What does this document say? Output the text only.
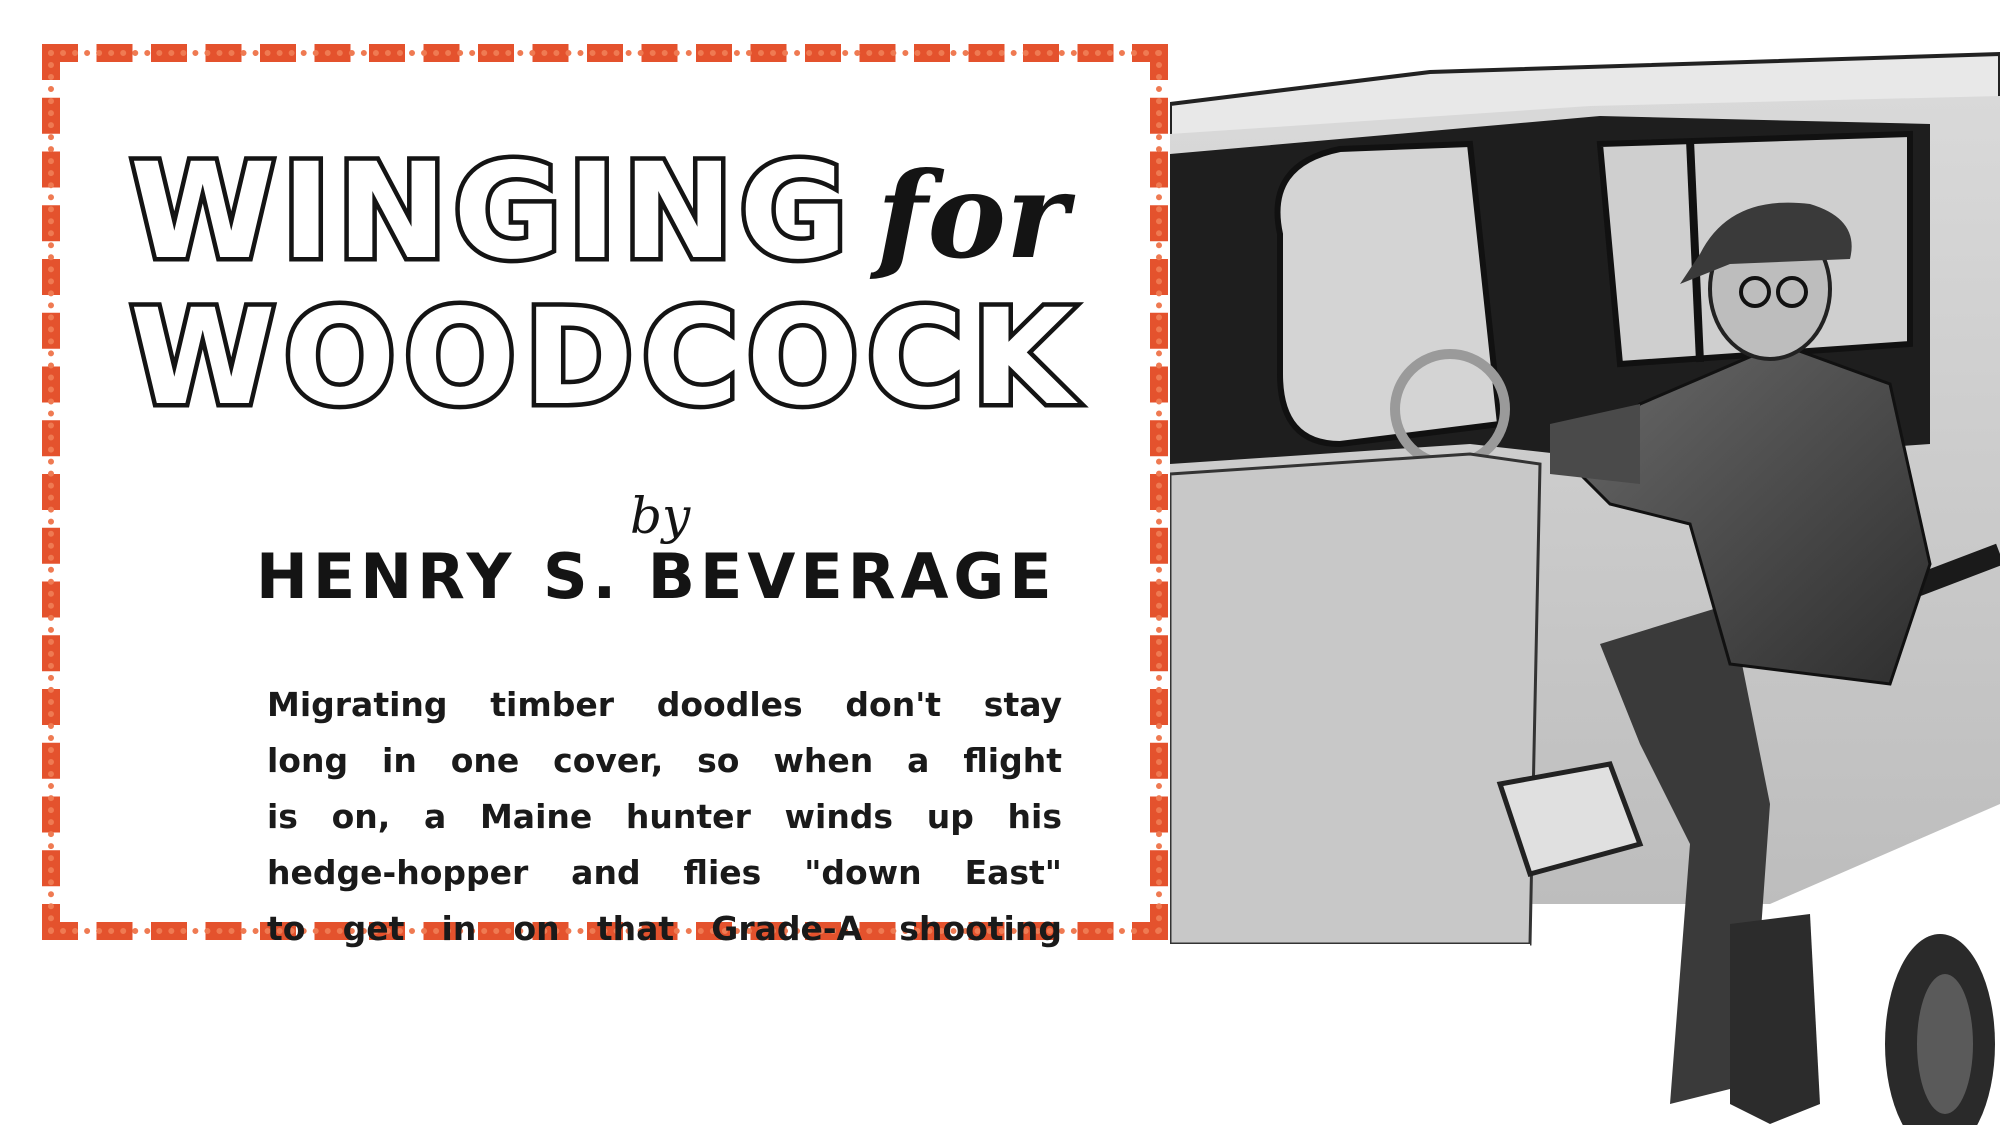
WINGING for
WOODCOCK
by
HENRY S. BEVERAGE
Migrating timber doodles don't stay
long in one cover, so when a flight
is on, a Maine hunter winds up his
hedge-hopper and flies "down East"
to get in on that Grade-A shooting
